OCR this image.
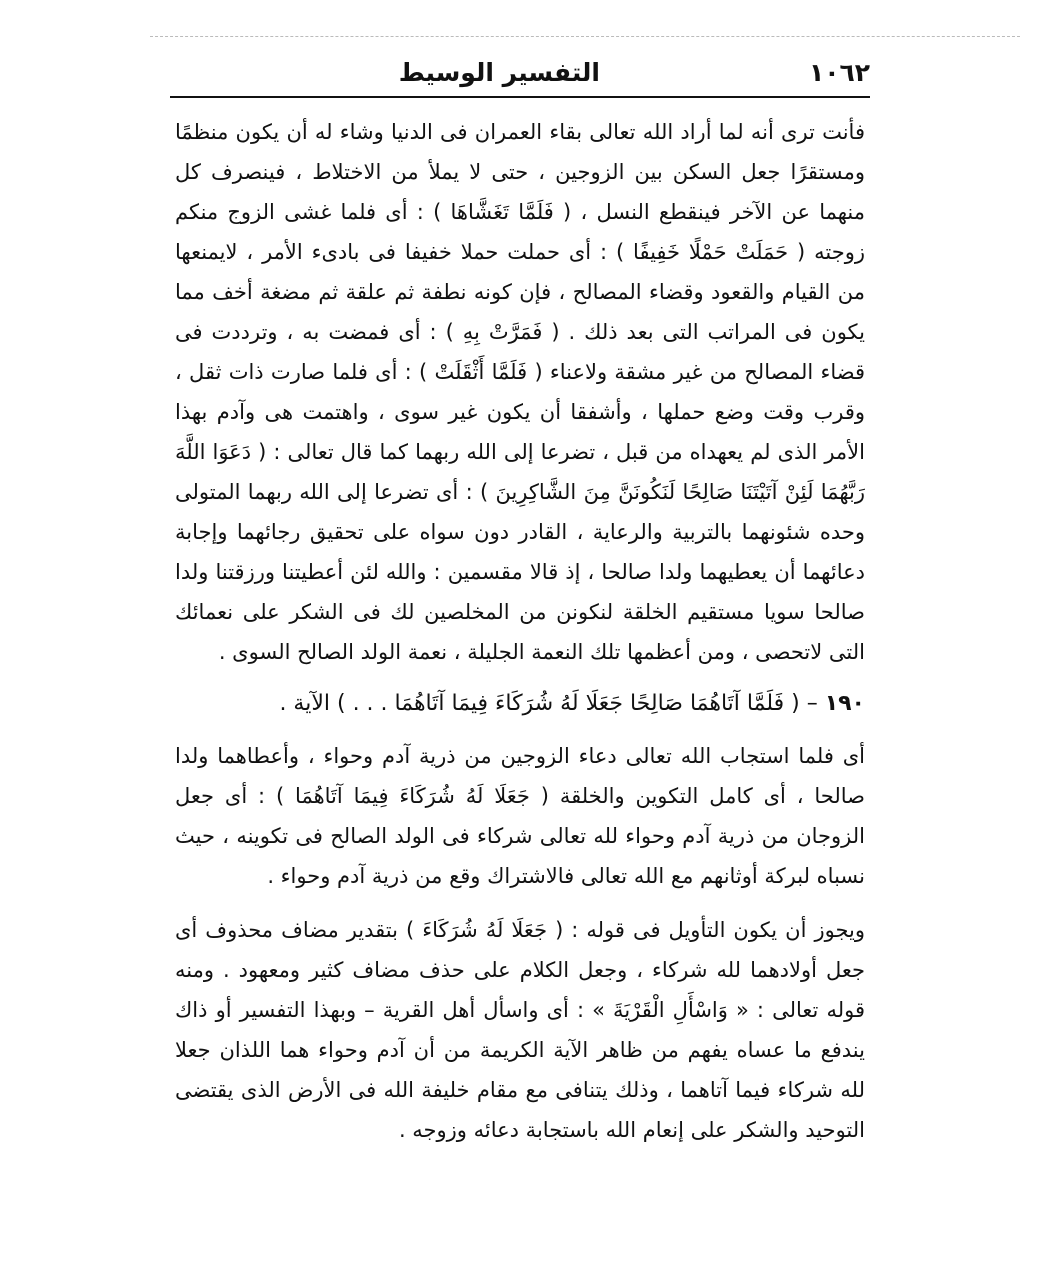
١٠٦٢
التفسير الوسيط

فأنت ترى أنه لما أراد الله تعالى بقاء العمران فى الدنيا وشاء له أن يكون منظمًا ومستقرًا جعل السكن بين الزوجين ، حتى لا يملأ من الاختلاط ، فينصرف كل منهما عن الآخر فينقطع النسل ، ( فَلَمَّا تَغَشَّاهَا ) : أى فلما غشى الزوج منكم زوجته ( حَمَلَتْ حَمْلًا خَفِيفًا ) : أى حملت حملا خفيفا فى بادىء الأمر ، لايمنعها من القيام والقعود وقضاء المصالح ، فإن كونه نطفة ثم علقة ثم مضغة أخف مما يكون فى المراتب التى بعد ذلك . ( فَمَرَّتْ بِهِ ) : أى فمضت به ، وترددت فى قضاء المصالح من غير مشقة ولاعناء ( فَلَمَّا أَثْقَلَتْ ) : أى فلما صارت ذات ثقل ، وقرب وقت وضع حملها ، وأشفقا أن يكون غير سوى ، واهتمت هى وآدم بهذا الأمر الذى لم يعهداه من قبل ، تضرعا إلى الله ربهما كما قال تعالى : ( دَعَوَا اللَّهَ رَبَّهُمَا لَئِنْ آتَيْتَنَا صَالِحًا لَنَكُونَنَّ مِنَ الشَّاكِرِينَ ) : أى تضرعا إلى الله ربهما المتولى وحده شئونهما بالتربية والرعاية ، القادر دون سواه على تحقيق رجائهما وإجابة دعائهما أن يعطيهما ولدا صالحا ، إذ قالا مقسمين : والله لئن أعطيتنا ورزقتنا ولدا صالحا سويا مستقيم الخلقة لنكونن من المخلصين لك فى الشكر على نعمائك التى لاتحصى ، ومن أعظمها تلك النعمة الجليلة ، نعمة الولد الصالح السوى .

١٩٠ – ( فَلَمَّا آتَاهُمَا صَالِحًا جَعَلَا لَهُ شُرَكَاءَ فِيمَا آتَاهُمَا . . . ) الآية .

أى فلما استجاب الله تعالى دعاء الزوجين من ذرية آدم وحواء ، وأعطاهما ولدا صالحا ، أى كامل التكوين والخلقة ( جَعَلَا لَهُ شُرَكَاءَ فِيمَا آتَاهُمَا ) : أى جعل الزوجان من ذرية آدم وحواء لله تعالى شركاء فى الولد الصالح فى تكوينه ، حيث نسباه لبركة أوثانهم مع الله تعالى فالاشتراك وقع من ذرية آدم وحواء .

ويجوز أن يكون التأويل فى قوله : ( جَعَلَا لَهُ شُرَكَاءَ ) بتقدير مضاف محذوف أى جعل أولادهما لله شركاء ، وجعل الكلام على حذف مضاف كثير ومعهود . ومنه قوله تعالى : « وَاسْأَلِ الْقَرْيَةَ » : أى واسأل أهل القرية – وبهذا التفسير أو ذاك يندفع ما عساه يفهم من ظاهر الآية الكريمة من أن آدم وحواء هما اللذان جعلا لله شركاء فيما آتاهما ، وذلك يتنافى مع مقام خليفة الله فى الأرض الذى يقتضى التوحيد والشكر على إنعام الله باستجابة دعائه وزوجه .
